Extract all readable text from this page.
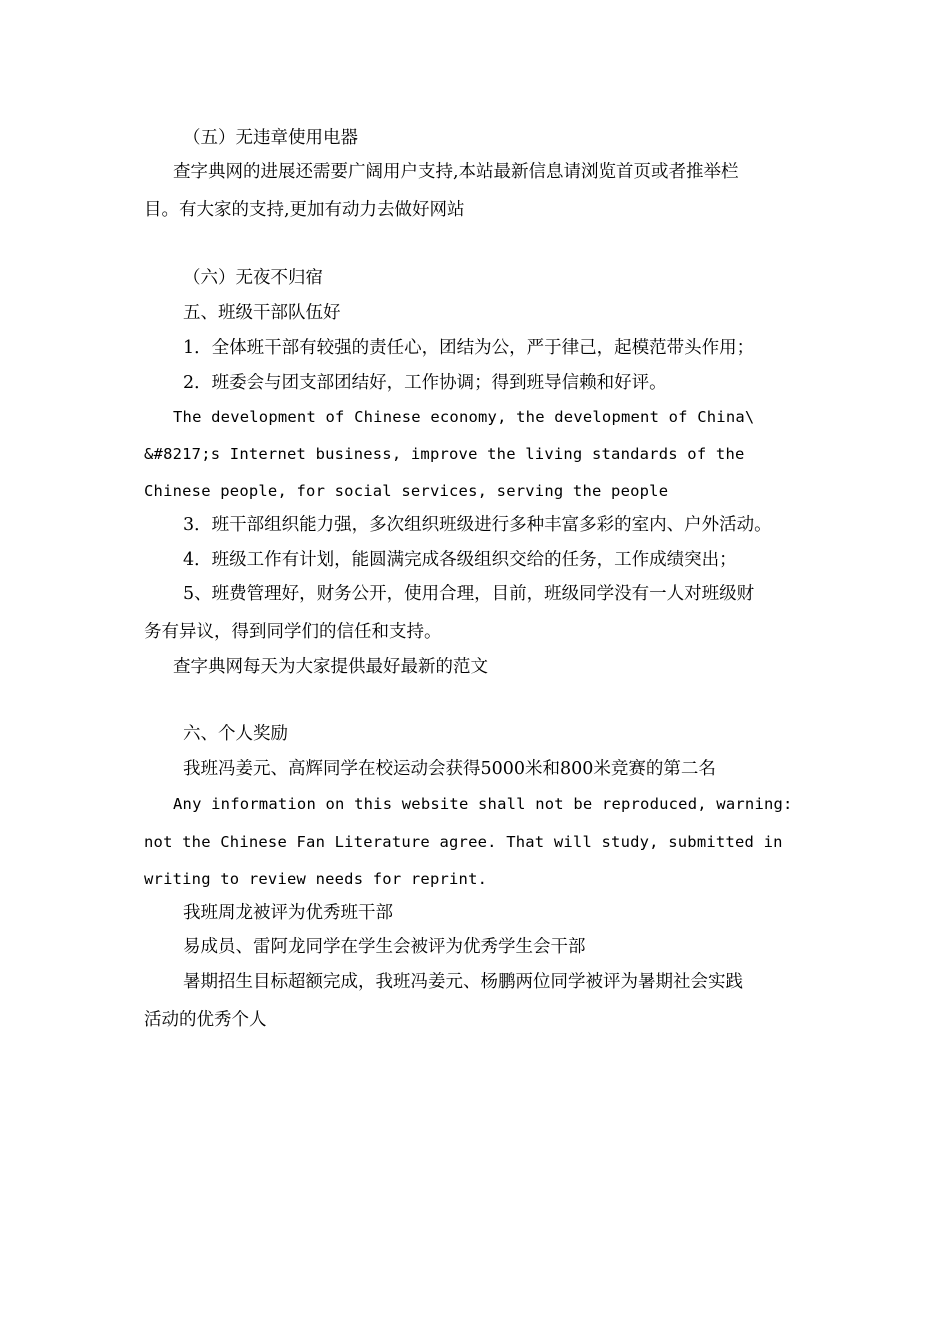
（五）无违章使用电器
查字典网的进展还需要广阔用户支持,本站最新信息请浏览首页或者推举栏
目。有大家的支持,更加有动力去做好网站
（六）无夜不归宿
五、班级干部队伍好
1．全体班干部有较强的责任心，团结为公，严于律己，起模范带头作用；
2．班委会与团支部团结好，工作协调；得到班导信赖和好评。
The development of Chinese economy, the development of China\
&#8217;s Internet business, improve the living standards of the
Chinese people, for social services, serving the people
3．班干部组织能力强，多次组织班级进行多种丰富多彩的室内、户外活动。
4．班级工作有计划，能圆满完成各级组织交给的任务，工作成绩突出；
5、班费管理好，财务公开，使用合理，目前，班级同学没有一人对班级财
务有异议，得到同学们的信任和支持。
查字典网每天为大家提供最好最新的范文
六、个人奖励
我班冯姜元、高辉同学在校运动会获得5000米和800米竞赛的第二名
Any information on this website shall not be reproduced, warning:
not the Chinese Fan Literature agree. That will study, submitted in
writing to review needs for reprint.
我班周龙被评为优秀班干部
易成员、雷阿龙同学在学生会被评为优秀学生会干部
暑期招生目标超额完成，我班冯姜元、杨鹏两位同学被评为暑期社会实践
活动的优秀个人
